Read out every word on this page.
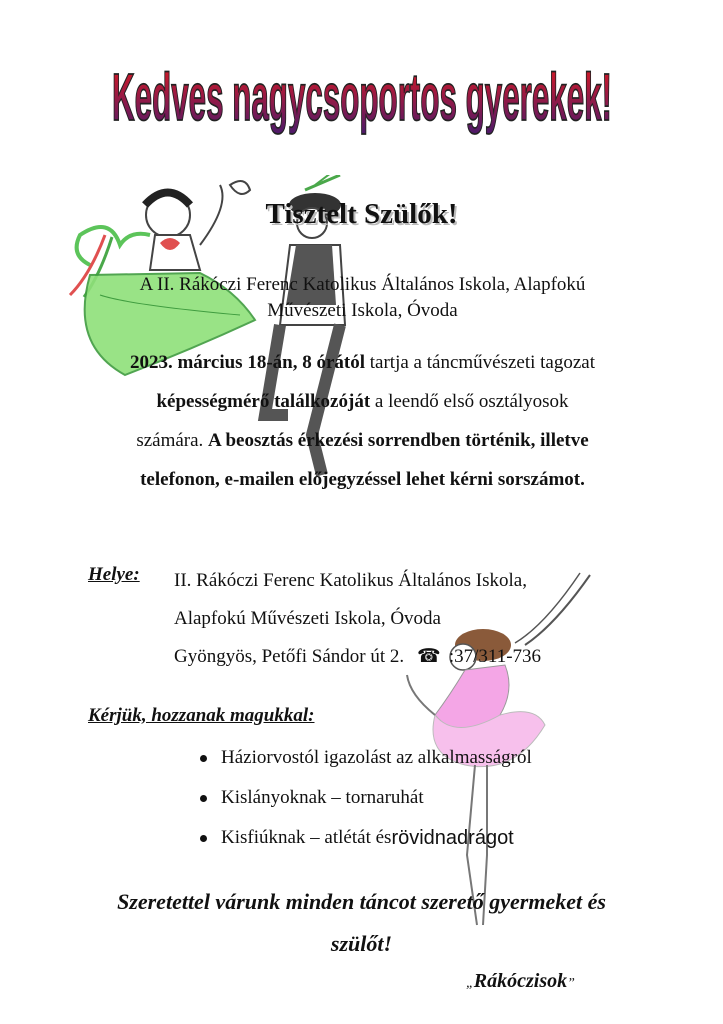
Kedves nagycsoportos gyerekek!
Tisztelt Szülők!
A II. Rákóczi Ferenc Katolikus Általános Iskola, Alapfokú
Művészeti Iskola, Óvoda
2023. március 18-án, 8 órától tartja a táncművészeti tagozat
képességmérő találkozóját a leendő első osztályosok
számára. A beosztás érkezési sorrendben történik, illetve
telefonon, e-mailen előjegyzéssel lehet kérni sorszámot.
Helye: II. Rákóczi Ferenc Katolikus Általános Iskola,
Alapfokú Művészeti Iskola, Óvoda
Gyöngyös, Petőfi Sándor út 2. ☎ :37/311-736
Kérjük, hozzanak magukkal:
Háziorvostól igazolást az alkalmasságról
Kislányoknak – tornaruhát
Kisfiúknak – atlétát és rövidnadrágot
Szeretettel várunk minden táncot szerető gyermeket és
szülőt!
„Rákóczisok”
